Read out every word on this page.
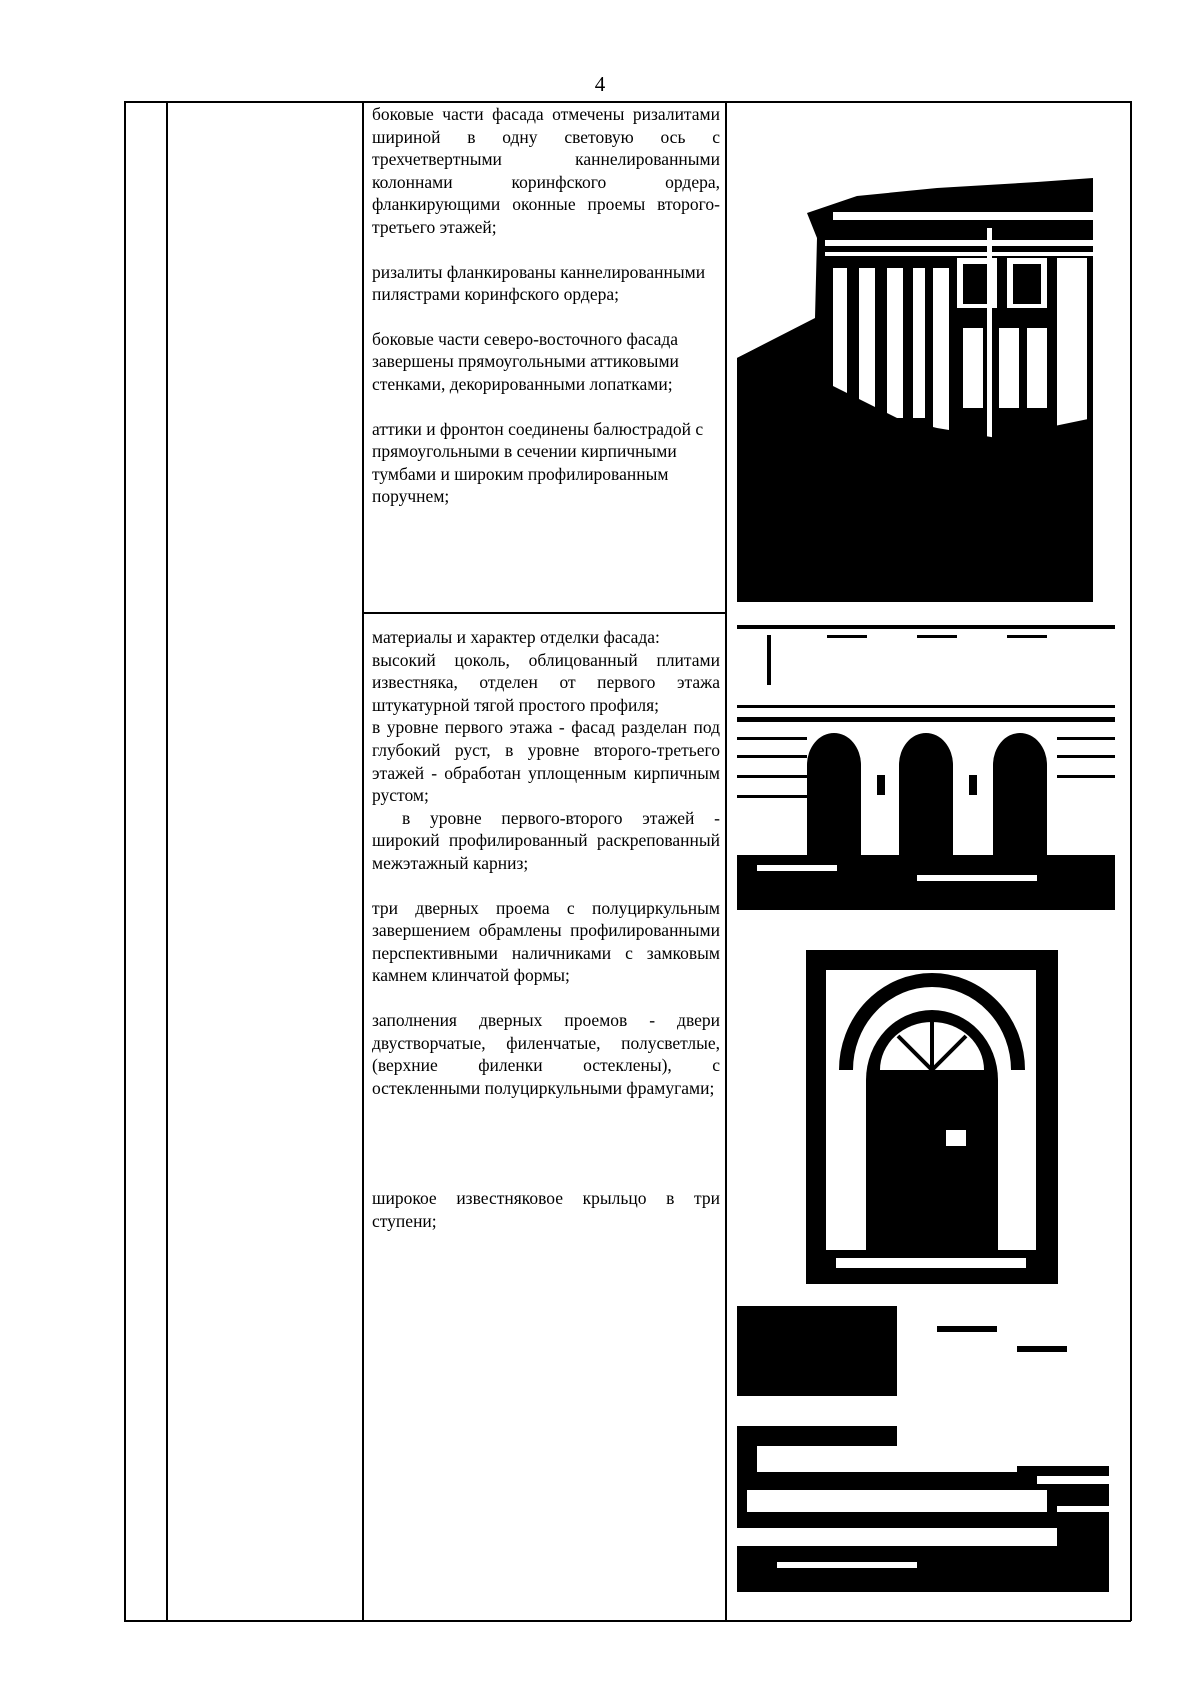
4

боковые части фасада отмечены ризалитами шириной в одну световую ось с трехчетвертными каннелированными колоннами коринфского ордера, фланкирующими оконные проемы второго-третьего этажей;

ризалиты фланкированы каннелированными пилястрами коринфского ордера;

боковые части северо-восточного фасада завершены прямоугольными аттиковыми стенками, декорированными лопатками;

аттики и фронтон соединены балюстрадой с прямоугольными в сечении кирпичными тумбами и широким профилированным поручнем;

материалы и характер отделки фасада:

высокий цоколь, облицованный плитами известняка, отделен от первого этажа штукатурной тягой простого профиля;

в уровне первого этажа - фасад разделан под глубокий руст, в уровне второго-третьего этажей - обработан уплощенным кирпичным рустом;

в уровне первого-второго этажей - широкий профилированный раскрепованный межэтажный карниз;

три дверных проема с полуциркульным завершением обрамлены профилированными перспективными наличниками с замковым камнем клинчатой формы;

заполнения дверных проемов - двери двустворчатые, филенчатые, полусветлые, (верхние филенки остеклены), с остекленными полуциркульными фрамугами;

широкое известняковое крыльцо в три ступени;
